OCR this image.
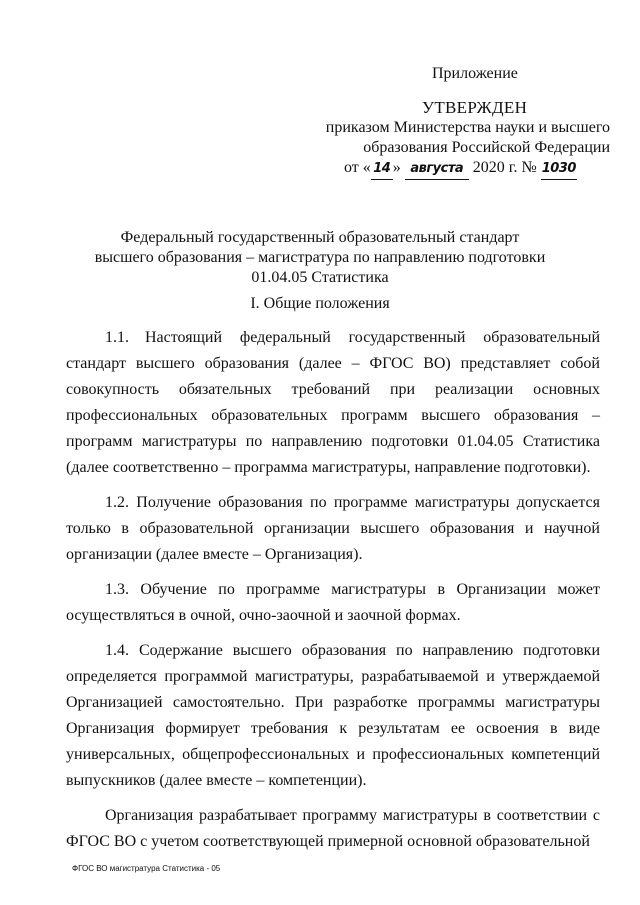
Приложение
УТВЕРЖДЕН
приказом Министерства науки и высшего
образования Российской Федерации
от « 14 » августа 2020 г. № 1030
Федеральный государственный образовательный стандарт
высшего образования – магистратура по направлению подготовки
01.04.05 Статистика
I. Общие положения

1.1. Настоящий федеральный государственный образовательный стандарт высшего образования (далее – ФГОС ВО) представляет собой совокупность обязательных требований при реализации основных профессиональных образовательных программ высшего образования – программ магистратуры по направлению подготовки 01.04.05 Статистика (далее соответственно – программа магистратуры, направление подготовки).

1.2. Получение образования по программе магистратуры допускается только в образовательной организации высшего образования и научной организации (далее вместе – Организация).

1.3. Обучение по программе магистратуры в Организации может осуществляться в очной, очно-заочной и заочной формах.

1.4. Содержание высшего образования по направлению подготовки определяется программой магистратуры, разрабатываемой и утверждаемой Организацией самостоятельно. При разработке программы магистратуры Организация формирует требования к результатам ее освоения в виде универсальных, общепрофессиональных и профессиональных компетенций выпускников (далее вместе – компетенции).

Организация разрабатывает программу магистратуры в соответствии с ФГОС ВО с учетом соответствующей примерной основной образовательной

ФГОС ВО магистратура Статистика - 05
